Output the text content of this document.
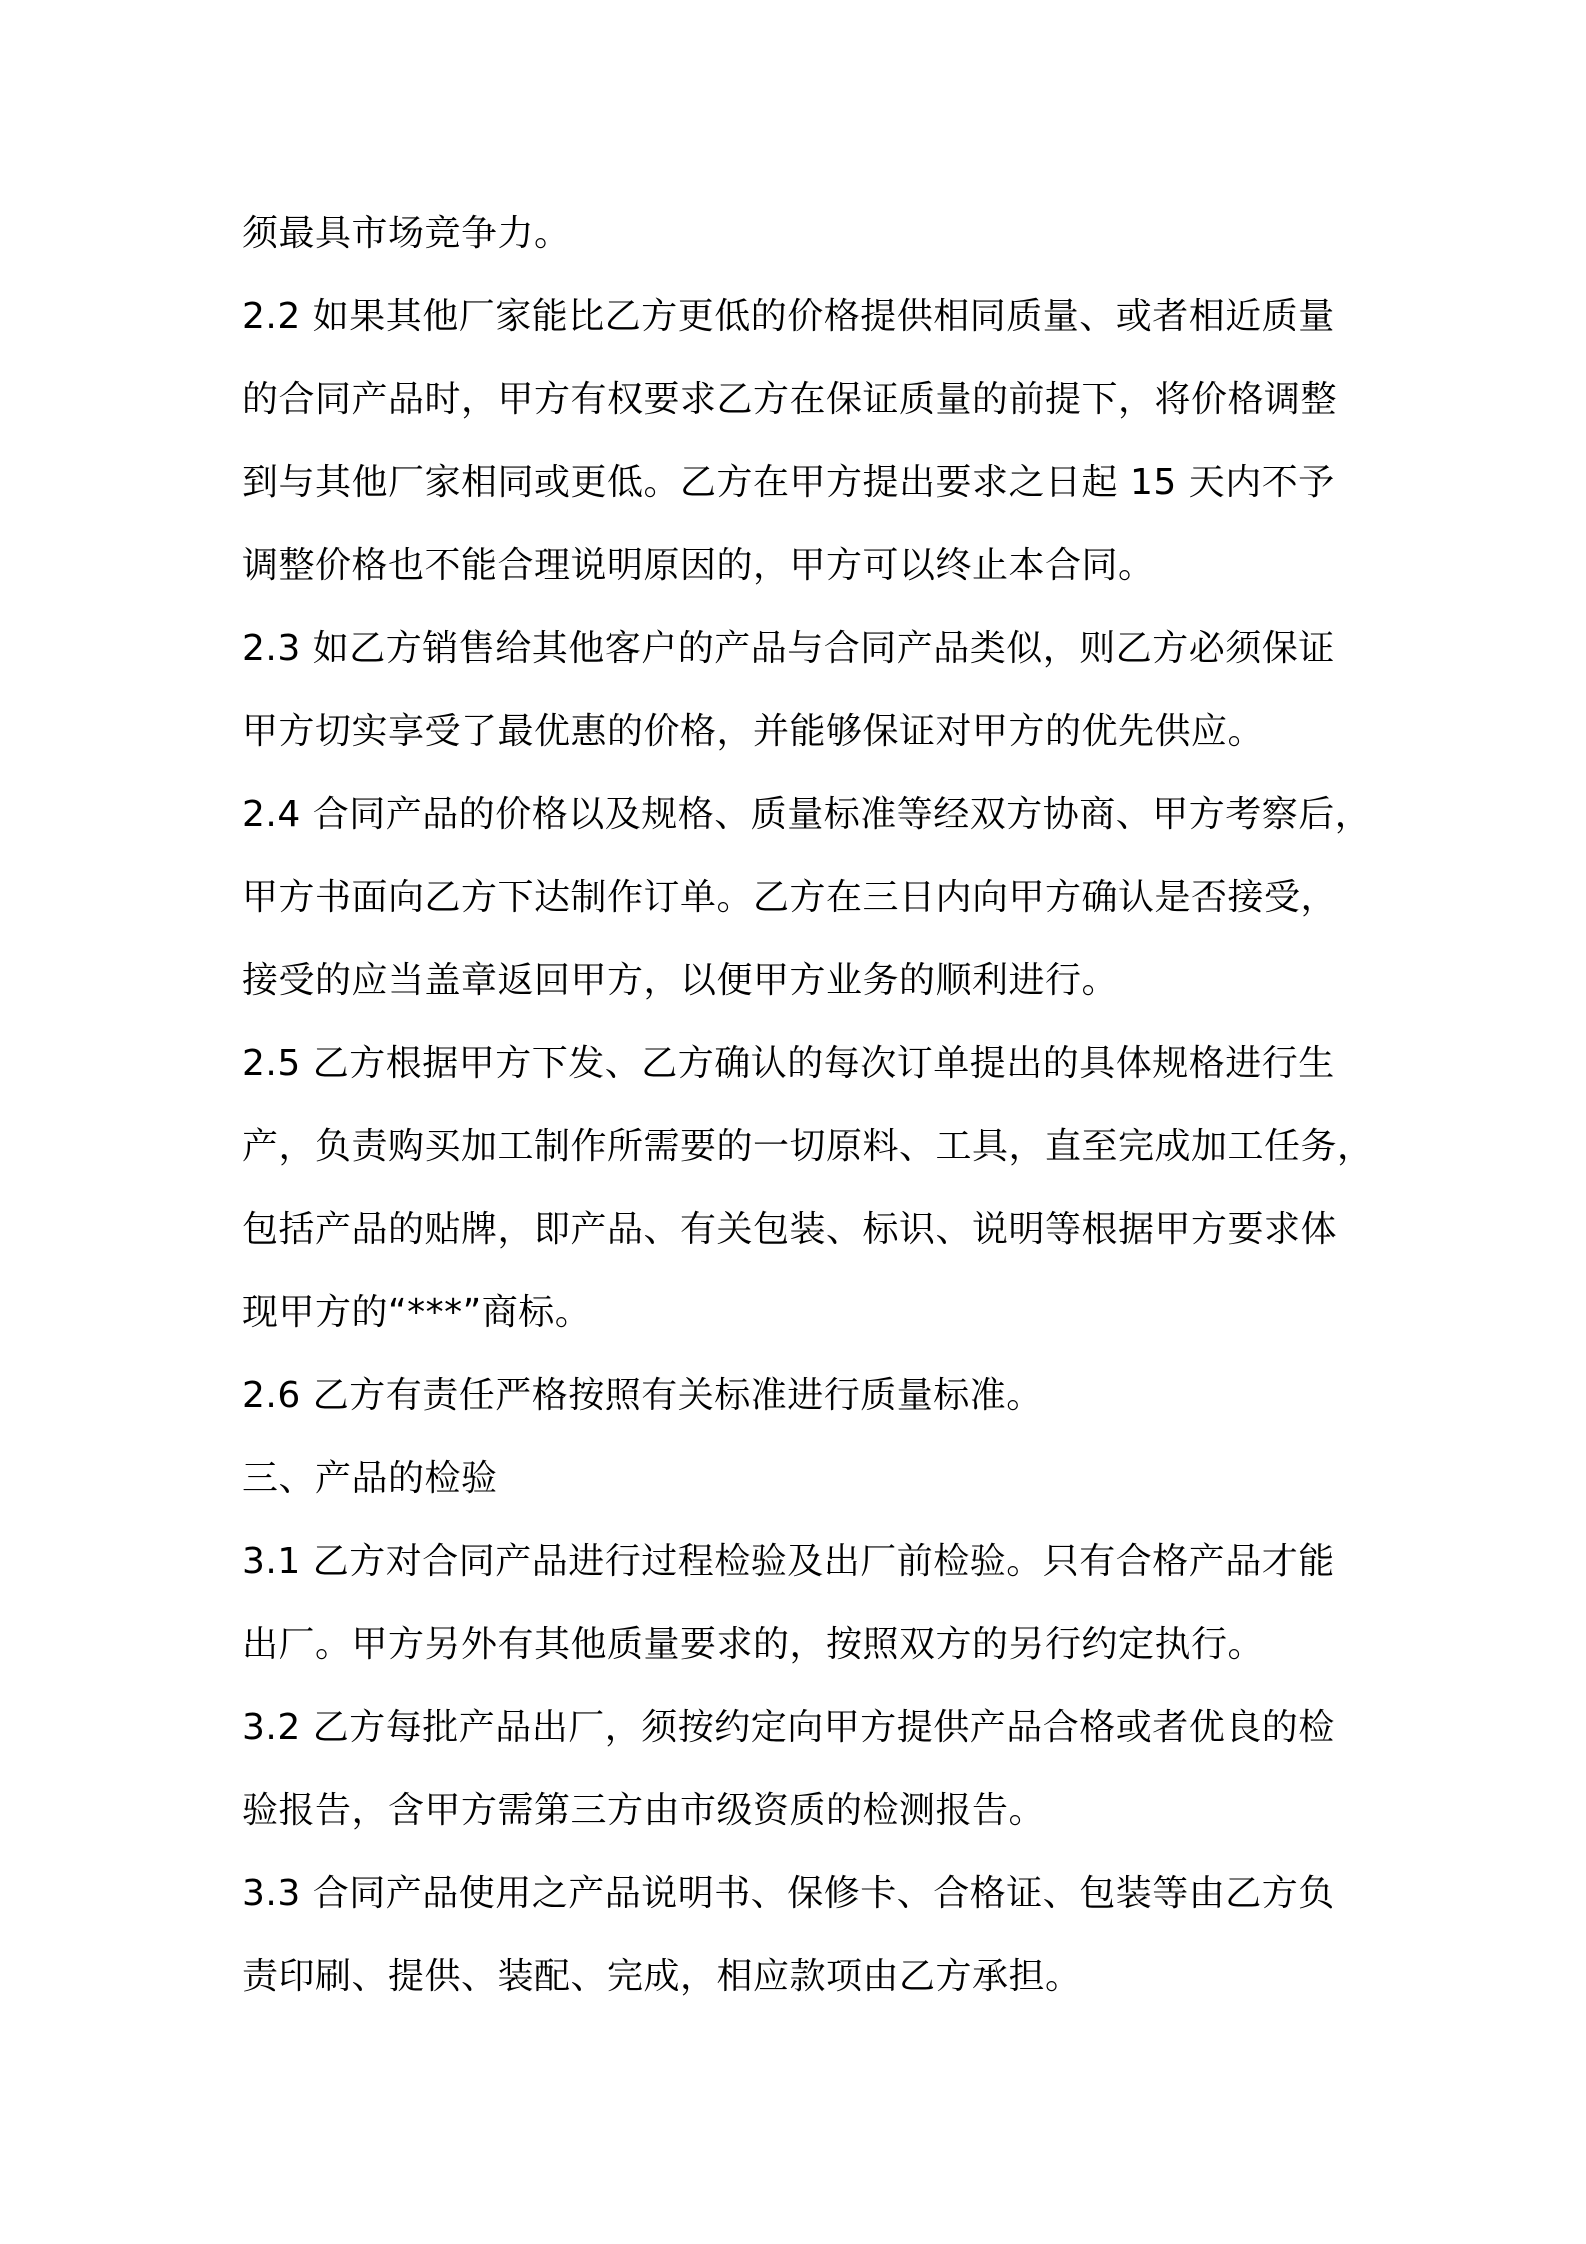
须最具市场竞争力。
2.2 如果其他厂家能比乙方更低的价格提供相同质量、或者相近质量
的合同产品时，甲方有权要求乙方在保证质量的前提下，将价格调整
到与其他厂家相同或更低。乙方在甲方提出要求之日起 15 天内不予
调整价格也不能合理说明原因的，甲方可以终止本合同。
2.3 如乙方销售给其他客户的产品与合同产品类似，则乙方必须保证
甲方切实享受了最优惠的价格，并能够保证对甲方的优先供应。
2.4 合同产品的价格以及规格、质量标准等经双方协商、甲方考察后，
甲方书面向乙方下达制作订单。乙方在三日内向甲方确认是否接受，
接受的应当盖章返回甲方，以便甲方业务的顺利进行。
2.5 乙方根据甲方下发、乙方确认的每次订单提出的具体规格进行生
产，负责购买加工制作所需要的一切原料、工具，直至完成加工任务，
包括产品的贴牌，即产品、有关包装、标识、说明等根据甲方要求体
现甲方的“***”商标。
2.6 乙方有责任严格按照有关标准进行质量标准。
三、产品的检验
3.1 乙方对合同产品进行过程检验及出厂前检验。只有合格产品才能
出厂。甲方另外有其他质量要求的，按照双方的另行约定执行。
3.2 乙方每批产品出厂，须按约定向甲方提供产品合格或者优良的检
验报告，含甲方需第三方由市级资质的检测报告。
3.3 合同产品使用之产品说明书、保修卡、合格证、包装等由乙方负
责印刷、提供、装配、完成，相应款项由乙方承担。
